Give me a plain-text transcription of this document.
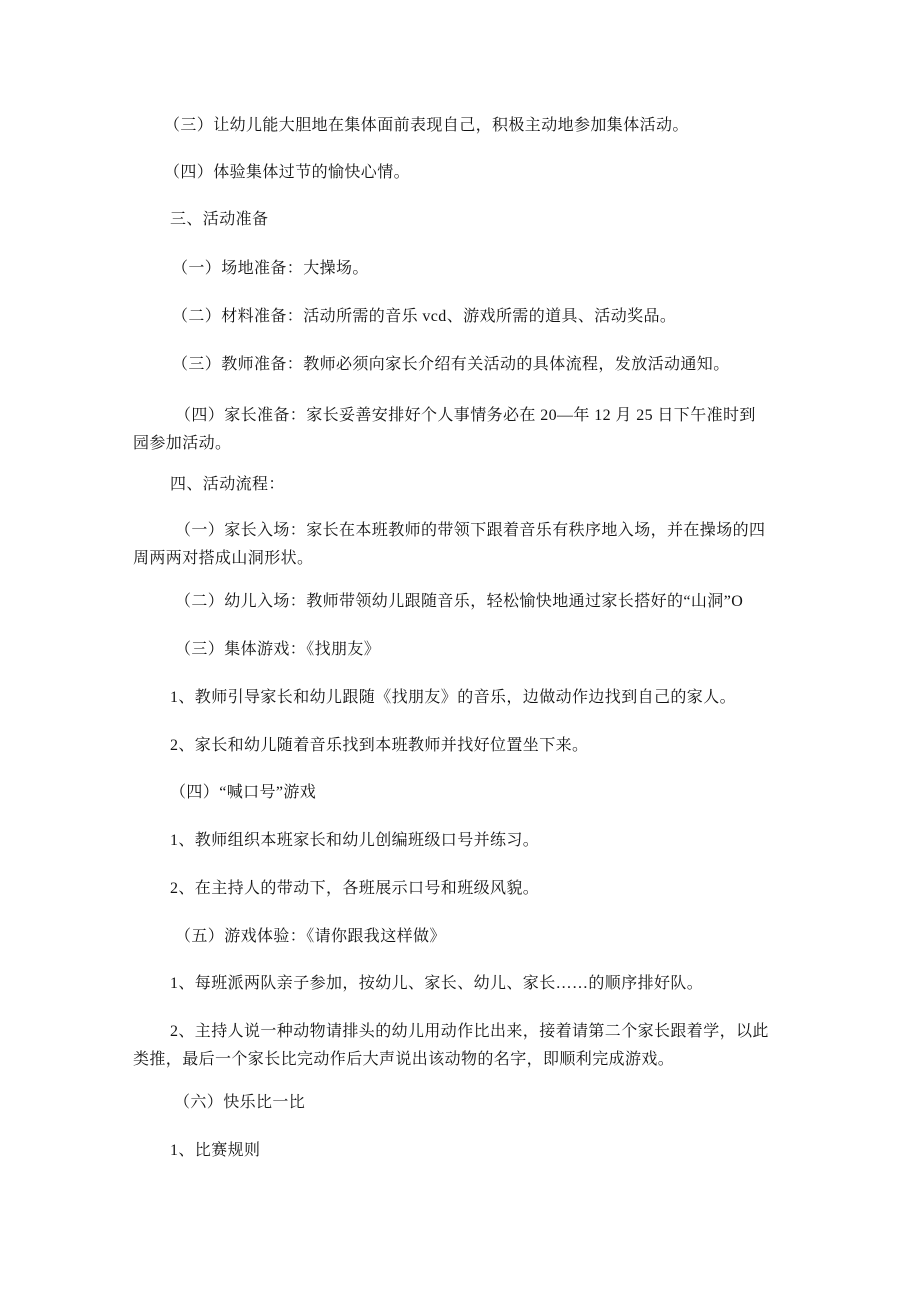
（三）让幼儿能大胆地在集体面前表现自己，积极主动地参加集体活动。
（四）体验集体过节的愉快心情。
三、活动准备
（一）场地准备：大操场。
（二）材料准备：活动所需的音乐 vcd、游戏所需的道具、活动奖品。
（三）教师准备：教师必须向家长介绍有关活动的具体流程，发放活动通知。
（四）家长准备：家长妥善安排好个人事情务必在 20—年 12 月 25 日下午准时到
园参加活动。
四、活动流程：
（一）家长入场：家长在本班教师的带领下跟着音乐有秩序地入场，并在操场的四
周两两对搭成山洞形状。
（二）幼儿入场：教师带领幼儿跟随音乐，轻松愉快地通过家长搭好的“山洞”O
（三）集体游戏：《找朋友》
1、教师引导家长和幼儿跟随《找朋友》的音乐，边做动作边找到自己的家人。
2、家长和幼儿随着音乐找到本班教师并找好位置坐下来。
（四）“喊口号”游戏
1、教师组织本班家长和幼儿创编班级口号并练习。
2、在主持人的带动下，各班展示口号和班级风貌。
（五）游戏体验：《请你跟我这样做》
1、每班派两队亲子参加，按幼儿、家长、幼儿、家长……的顺序排好队。
2、主持人说一种动物请排头的幼儿用动作比出来，接着请第二个家长跟着学，以此
类推，最后一个家长比完动作后大声说出该动物的名字，即顺利完成游戏。
（六）快乐比一比
1、比赛规则
